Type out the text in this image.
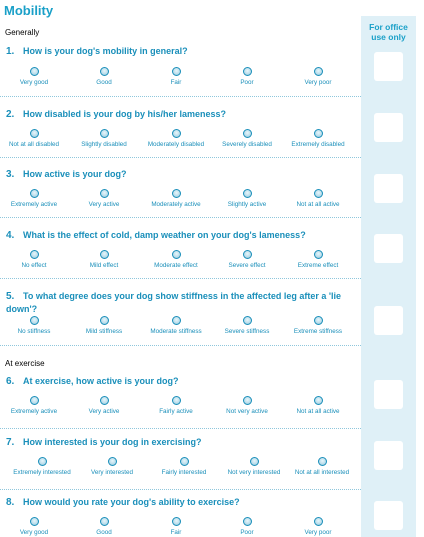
For office use only
Mobility
Generally
At exercise
1. How is your dog's mobility in general?
Very good	Good	Fair	Poor	Very poor
2. How disabled is your dog by his/her lameness?
Not at all disabled	Slightly disabled	Moderately disabled	Severely disabled	Extremely disabled
3. How active is your dog?
Extremely active	Very active	Moderately active	Slightly active	Not at all active
4. What is the effect of cold, damp weather on your dog's lameness?
No effect	Mild effect	Moderate effect	Severe effect	Extreme effect
5. To what degree does your dog show stiffness in the affected leg after a 'lie down'?
No stiffness	Mild stiffness	Moderate stiffness	Severe stiffness	Extreme stiffness
6. At exercise, how active is your dog?
Extremely active	Very active	Fairly active	Not very active	Not at all active
7. How interested is your dog in exercising?
Extremely interested	Very interested	Fairly interested	Not very interested	Not at all interested
8. How would you rate your dog's ability to exercise?
Very good	Good	Fair	Poor	Very poor
